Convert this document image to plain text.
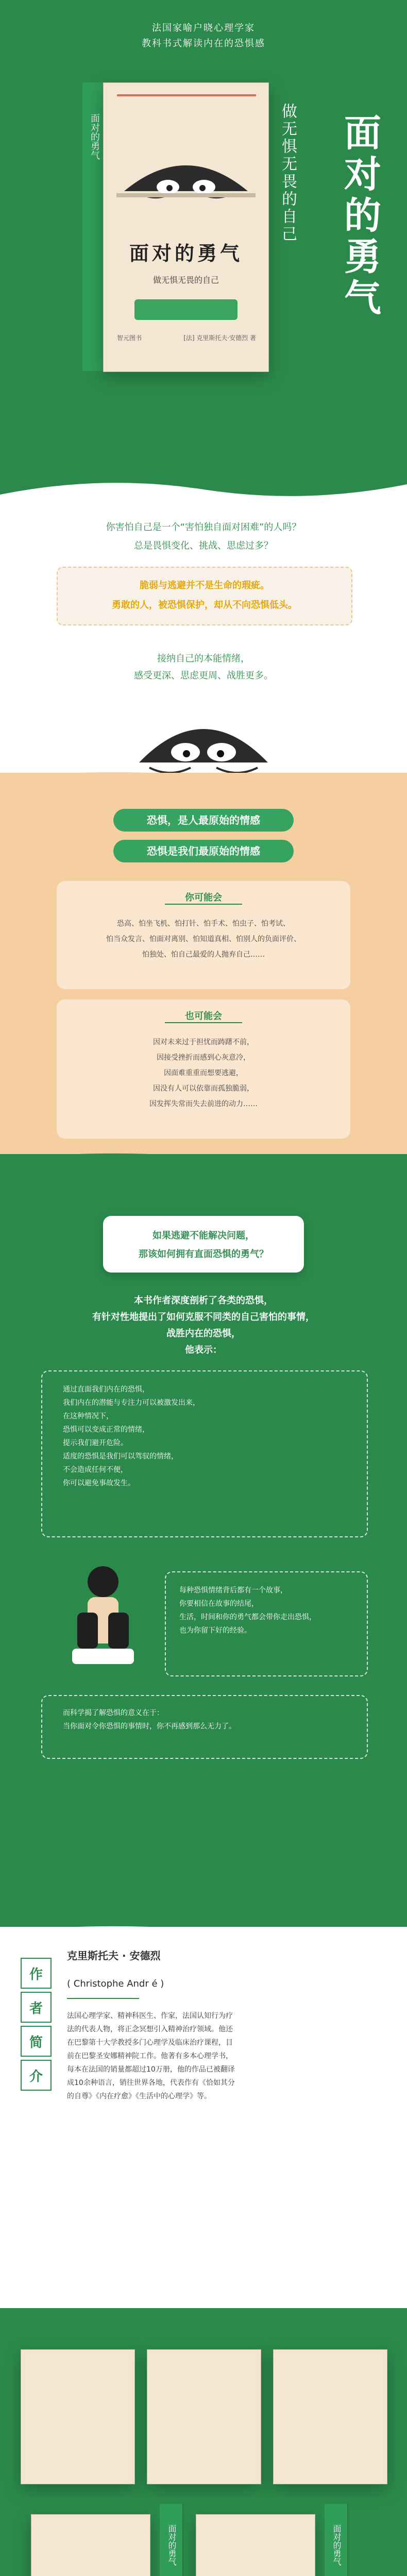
法国家喻户晓心理学家
教科书式解读内在的恐惧感
面对的勇气
面对的勇气
做无惧无畏的自己
智元图书	[法] 克里斯托夫·安德烈 著
面对的勇气
做无惧无畏的自己
你害怕自己是一个“害怕独自面对困难”的人吗？
总是畏惧变化、挑战、思虑过多？
脆弱与逃避并不是生命的瑕疵。
勇敢的人，被恐惧保护，却从不向恐惧低头。
接纳自己的本能情绪，
感受更深、思虑更周、战胜更多。
恐惧，是人最原始的情感
恐惧是我们最原始的情感
你可能会
恐高、怕坐飞机、怕打针、怕手术、怕虫子、怕考试、
怕当众发言、怕面对离别、怕知道真相、怕别人的负面评价、
怕独处、怕自己最爱的人抛弃自己……
也可能会
因对未来过于担忧而踌躇不前，
因接受挫折而感到心灰意冷，
因面难重重而想要逃避，
因没有人可以依靠而孤独脆弱，
因发挥失常而失去前进的动力……
如果逃避不能解决问题，
那该如何拥有直面恐惧的勇气？
本书作者深度剖析了各类的恐惧，
有针对性地提出了如何克服不同类的自己害怕的事情，
战胜内在的恐惧，
他表示：
通过直面我们内在的恐惧，
我们内在的潜能与专注力可以被激发出来，
在这种情况下，
恐惧可以变成正常的情绪，
提示我们避开危险。
适度的恐惧是我们可以驾驭的情绪，
不会造成任何不便，
你可以避免事故发生。
每种恐惧情绪背后都有一个故事，
你要相信在故事的结尾，
生活，时间和你的勇气都会带你走出恐惧，
也为你留下好的经验。
而科学揭了解恐惧的意义在于：
当你面对令你恐惧的事情时，你不再感到那么无力了。
作
者
简
介
克里斯托夫 · 安德烈
( Christophe Andr é )
法国心理学家、精神科医生、作家，法国认知行为疗
法的代表人物，将正念冥想引入精神治疗领域。他还
在巴黎第十大学教授多门心理学及临床治疗课程，目
前在巴黎圣安娜精神院工作。他著有多本心理学书，
每本在法国的销量都超过10万册，他的作品已被翻译
成10余种语言，销往世界各地，代表作有《恰如其分
的自尊》《内在疗愈》《生活中的心理学》等。
面对的勇气	面对的勇气
